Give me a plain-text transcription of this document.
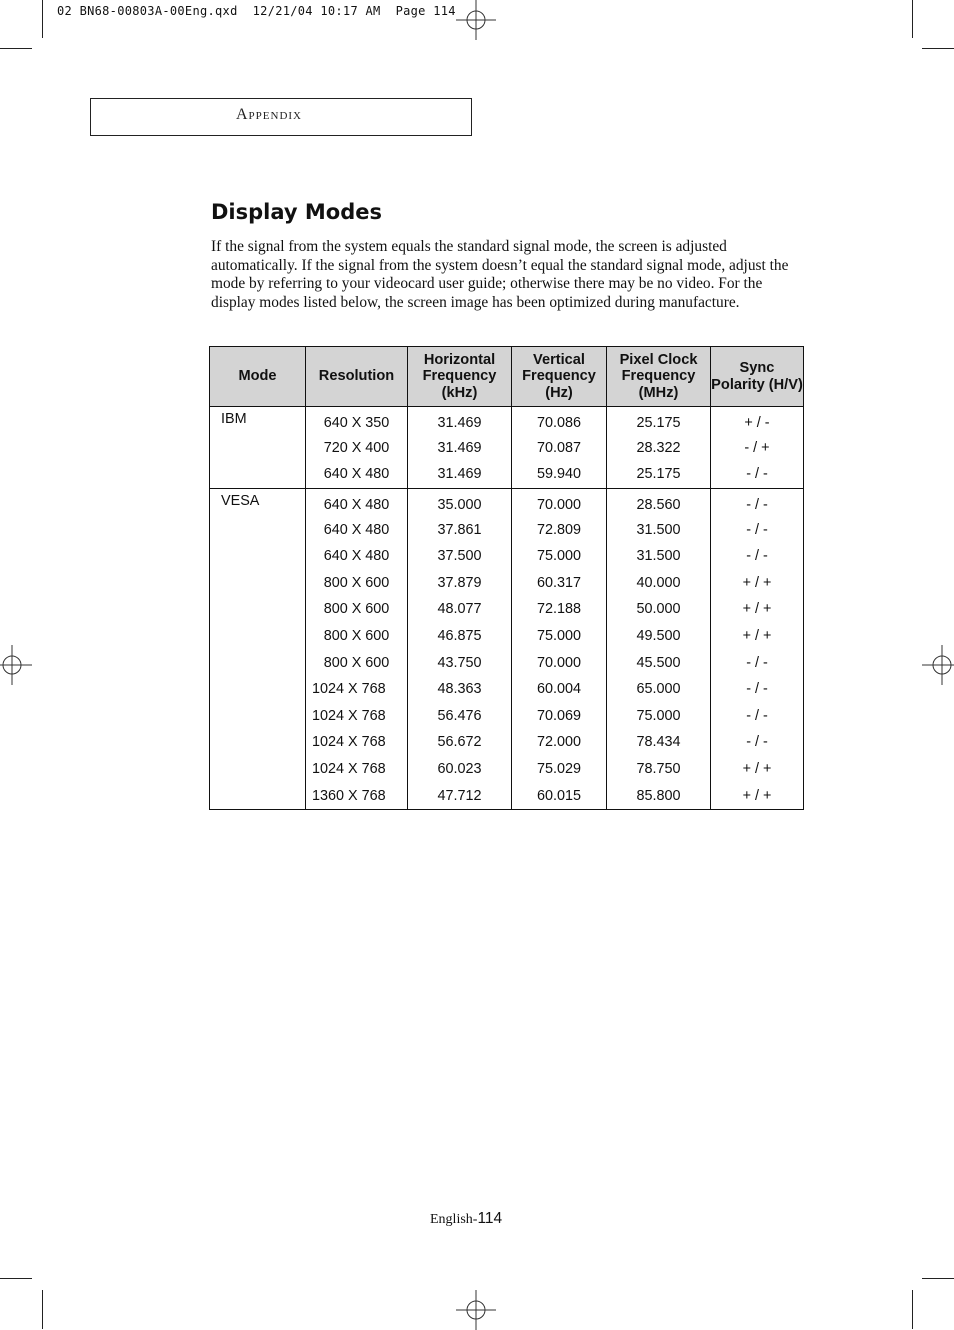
02 BN68-00803A-00Eng.qxd  12/21/04 10:17 AM  Page 114
Appendix
Display Modes

If the signal from the system equals the standard signal mode, the screen is adjusted automatically. If the signal from the system doesn’t equal the standard signal mode, adjust the mode by referring to your videocard user guide; otherwise there may be no video. For the display modes listed below, the screen image has been optimized during manufacture.

Mode	Resolution	Horizontal Frequency (kHz)	Vertical Frequency (Hz)	Pixel Clock Frequency (MHz)	Sync Polarity (H/V)
IBM	640 X 350	31.469	70.086	25.175	+ / -
	720 X 400	31.469	70.087	28.322	- / +
	640 X 480	31.469	59.940	25.175	- / -
VESA	640 X 480	35.000	70.000	28.560	- / -
	640 X 480	37.861	72.809	31.500	- / -
	640 X 480	37.500	75.000	31.500	- / -
	800 X 600	37.879	60.317	40.000	+ / +
	800 X 600	48.077	72.188	50.000	+ / +
	800 X 600	46.875	75.000	49.500	+ / +
	800 X 600	43.750	70.000	45.500	- / -
	1024 X 768	48.363	60.004	65.000	- / -
	1024 X 768	56.476	70.069	75.000	- / -
	1024 X 768	56.672	72.000	78.434	- / -
	1024 X 768	60.023	75.029	78.750	+ / +
	1360 X 768	47.712	60.015	85.800	+ / +
English-114
